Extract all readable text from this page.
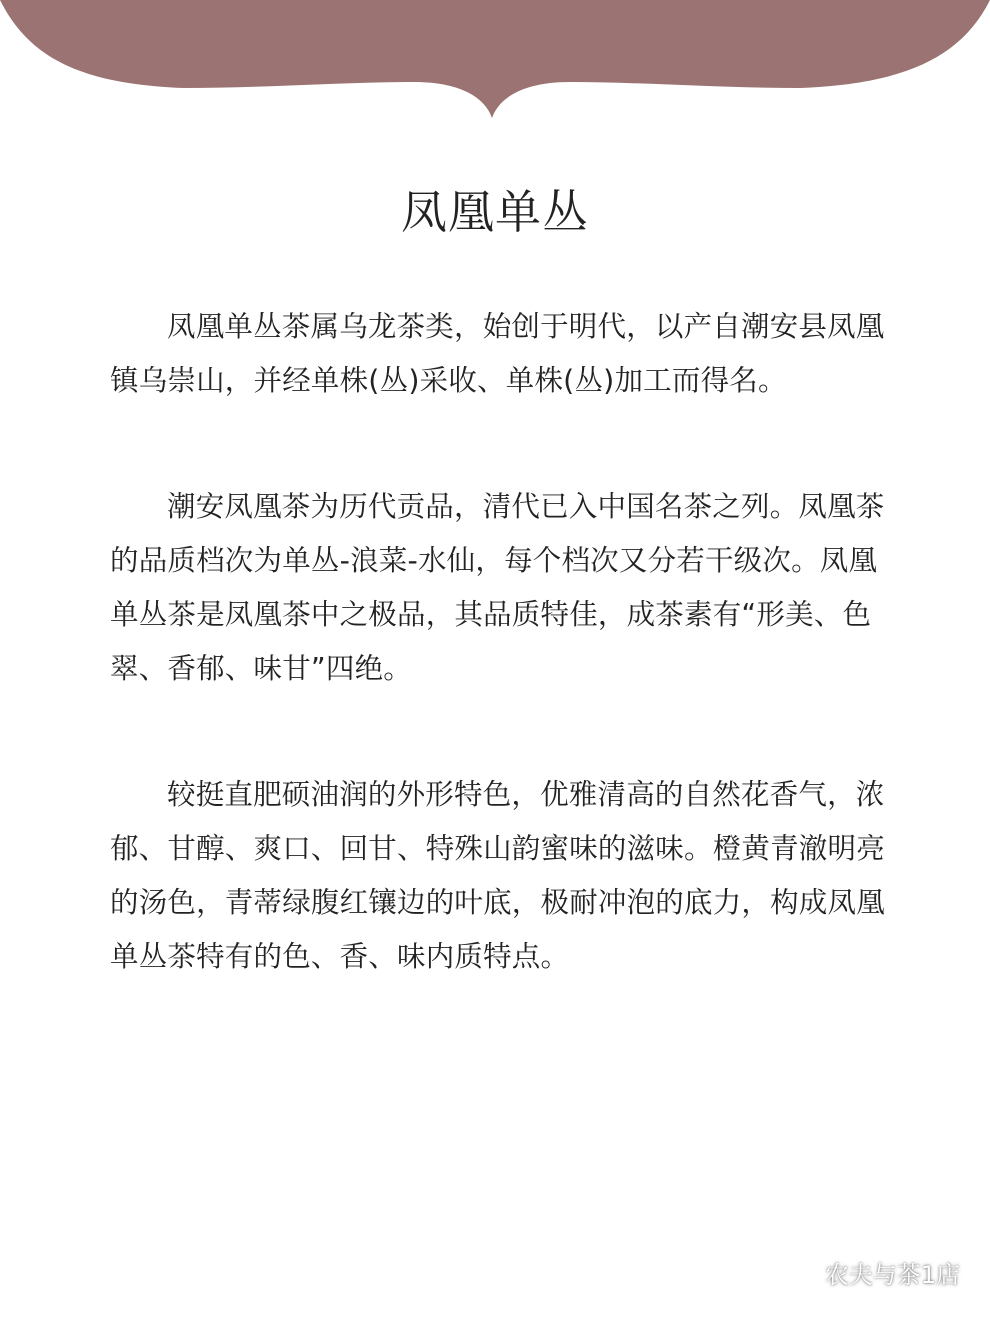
凤凰单丛

凤凰单丛茶属乌龙茶类，始创于明代，以产自潮安县凤凰镇乌崇山，并经单株(丛)采收、单株(丛)加工而得名。

潮安凤凰茶为历代贡品，清代已入中国名茶之列。凤凰茶的品质档次为单丛-浪菜-水仙，每个档次又分若干级次。凤凰单丛茶是凤凰茶中之极品，其品质特佳，成茶素有“形美、色翠、香郁、味甘”四绝。

较挺直肥硕油润的外形特色，优雅清高的自然花香气，浓郁、甘醇、爽口、回甘、特殊山韵蜜味的滋味。橙黄青澈明亮的汤色，青蒂绿腹红镶边的叶底，极耐冲泡的底力，构成凤凰单丛茶特有的色、香、味内质特点。

农夫与茶1店
